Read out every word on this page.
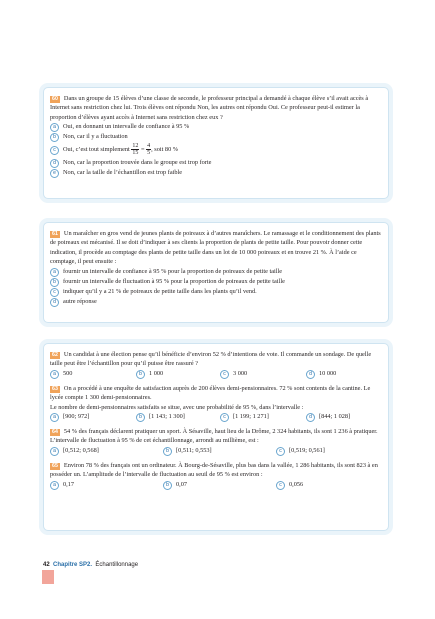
60 Dans un groupe de 15 élèves d’une classe de seconde, le professeur principal a demandé à chaque élève s’il avait accès à Internet sans restriction chez lui. Trois élèves ont répondu Non, les autres ont répondu Oui. Ce professeur peut-il estimer la proportion d’élèves ayant accès à Internet sans restriction chez eux ?

a Oui, en donnant un intervalle de confiance à 95 %

b Non, car il y a fluctuation

c Oui, c’est tout simplement $\frac{12}{15} = \frac{4}{5}$ , soit 80 %

d Non, car la proportion trouvée dans le groupe est trop forte

e Non, car la taille de l’échantillon est trop faible

61 Un maraîcher en gros vend de jeunes plants de poireaux à d’autres maraîchers. Le ramassage et le conditionnement des plants de poireaux est mécanisé. Il se doit d’indiquer à ses clients la proportion de plants de petite taille. Pour pouvoir donner cette indication, il procède au comptage des plants de petite taille dans un lot de 10 000 poireaux et en trouve 21 %. À l’aide ce comptage, il peut ensuite :

a fournir un intervalle de confiance à 95 % pour la proportion de poireaux de petite taille

b fournir un intervalle de fluctuation à 95 % pour la proportion de poireaux de petite taille

c indiquer qu’il y a 21 % de poireaux de petite taille dans les plants qu’il vend.

d autre réponse

62 Un candidat à une élection pense qu’il bénéficie d’environ 52 % d’intentions de vote. Il commande un sondage. De quelle taille peut être l’échantillon pour qu’il puisse être rassuré ?

a 500	b 1 000	c 3 000	d 10 000

63 On a procédé à une enquête de satisfaction auprès de 200 élèves demi-pensionnaires. 72 % sont contents de la cantine. Le lycée compte 1 300 demi-pensionnaires.

Le nombre de demi-pensionnaires satisfaits se situe, avec une probabilité de 95 %, dans l’intervalle :

a [900; 972]	b [1 143; 1 300]	c [1 199; 1 271]	d [844; 1 028]

64 54 % des français déclarent pratiquer un sport. À Sésaville, haut lieu de la Drôme, 2 324 habitants, ils sont 1 236 à pratiquer. L’intervalle de fluctuation à 95 % de cet échantillonnage, arrondi au millième, est :

a [0,512; 0,568]	b [0,511; 0,553]	c [0,519; 0,561]

65 Environ 78 % des français ont un ordinateur. À Bourg-de-Sésaville, plus bas dans la vallée, 1 286 habitants, ils sont 823 à en posséder un. L’amplitude de l’intervalle de fluctuation au seuil de 95 % est environ :

a 0,17	b 0,07	c 0,056

42 Chapitre SP2. Échantillonnage
